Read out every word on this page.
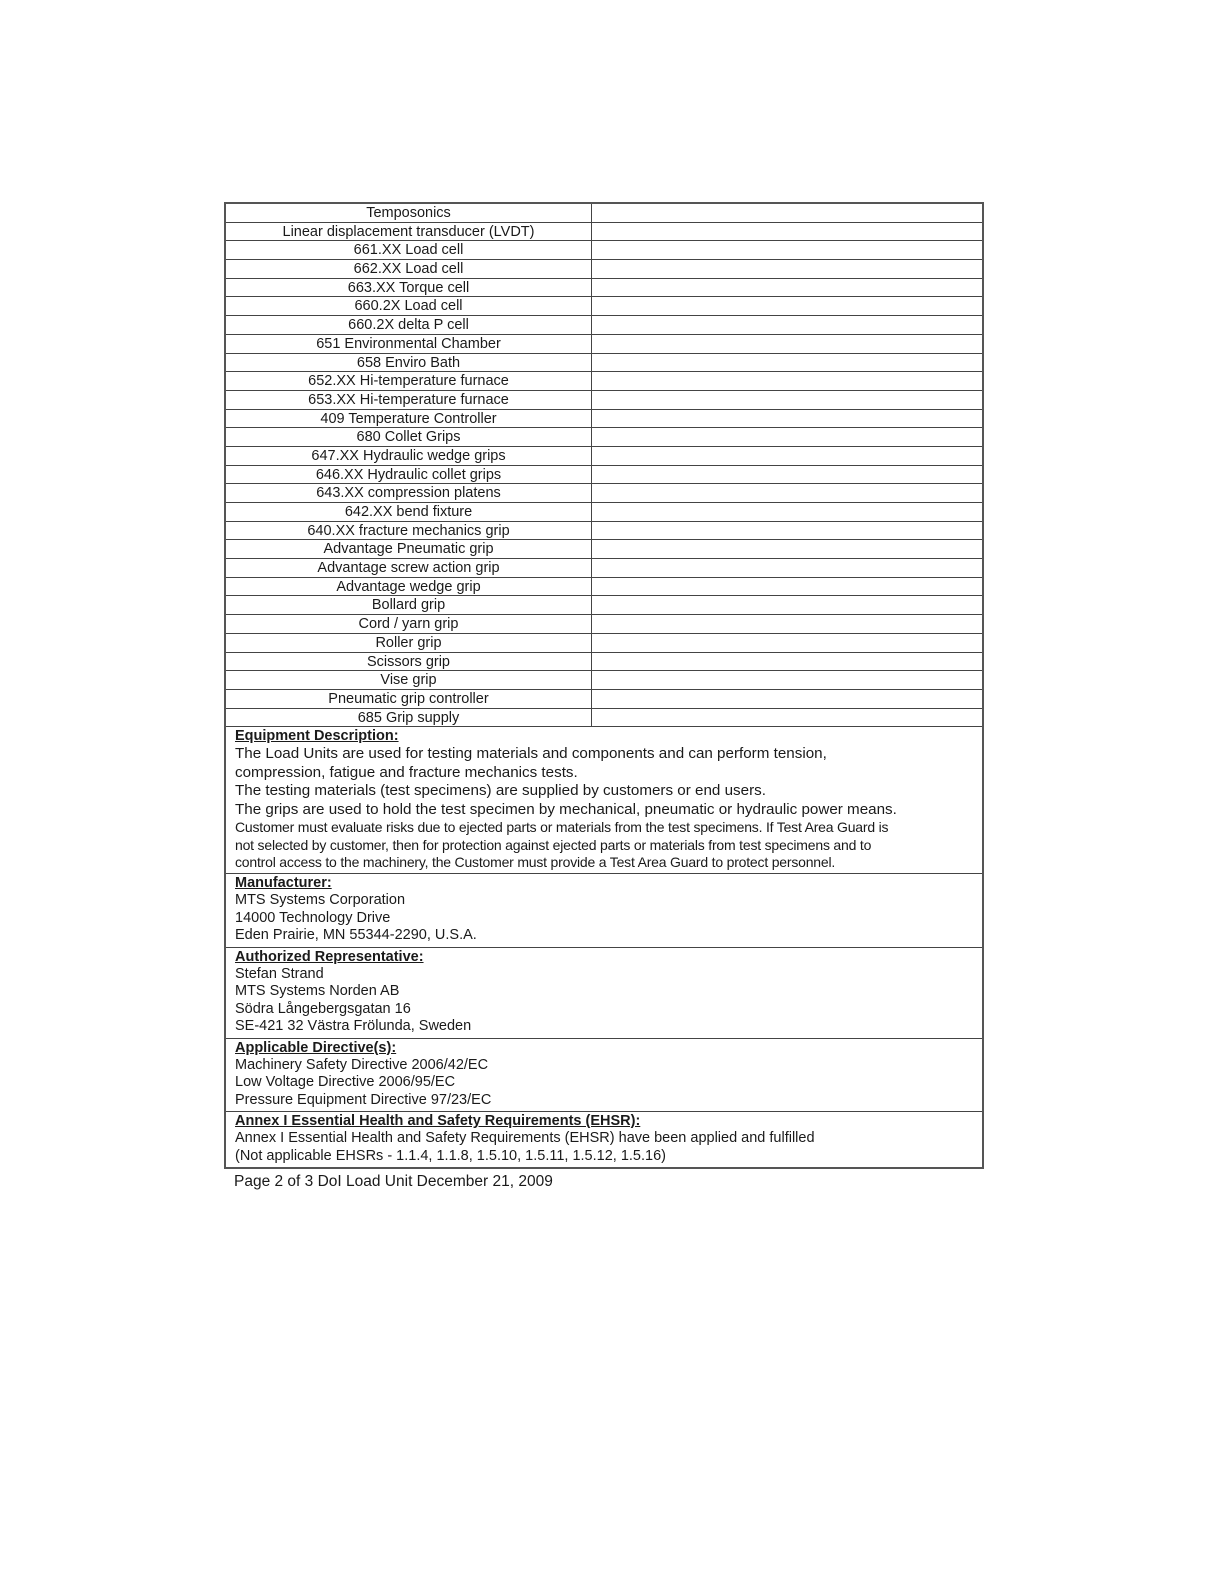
Temposonics
Linear displacement transducer (LVDT)
661.XX Load cell
662.XX Load cell
663.XX Torque cell
660.2X Load cell
660.2X delta P cell
651 Environmental Chamber
658 Enviro Bath
652.XX Hi-temperature furnace
653.XX Hi-temperature furnace
409 Temperature Controller
680 Collet Grips
647.XX Hydraulic wedge grips
646.XX Hydraulic collet grips
643.XX compression platens
642.XX bend fixture
640.XX fracture mechanics grip
Advantage Pneumatic grip
Advantage screw action grip
Advantage wedge grip
Bollard grip
Cord / yarn grip
Roller grip
Scissors grip
Vise grip
Pneumatic grip controller
685 Grip supply
Equipment Description:
The Load Units are used for testing materials and components and can perform tension,
compression, fatigue and fracture mechanics tests.
The testing materials (test specimens) are supplied by customers or end users.
The grips are used to hold the test specimen by mechanical, pneumatic or hydraulic power means.
Customer must evaluate risks due to ejected parts or materials from the test specimens. If Test Area Guard is
not selected by customer, then for protection against ejected parts or materials from test specimens and to
control access to the machinery, the Customer must provide a Test Area Guard to protect personnel.
Manufacturer:
MTS Systems Corporation
14000 Technology Drive
Eden Prairie, MN 55344-2290, U.S.A.
Authorized Representative:
Stefan Strand
MTS Systems Norden AB
Södra Långebergsgatan 16
SE-421 32 Västra Frölunda, Sweden
Applicable Directive(s):
Machinery Safety Directive 2006/42/EC
Low Voltage Directive 2006/95/EC
Pressure Equipment Directive 97/23/EC
Annex I Essential Health and Safety Requirements (EHSR):
Annex I Essential Health and Safety Requirements (EHSR) have been applied and fulfilled
(Not applicable EHSRs - 1.1.4, 1.1.8, 1.5.10, 1.5.11, 1.5.12, 1.5.16)
Page 2 of 3 DoI Load Unit December 21, 2009
